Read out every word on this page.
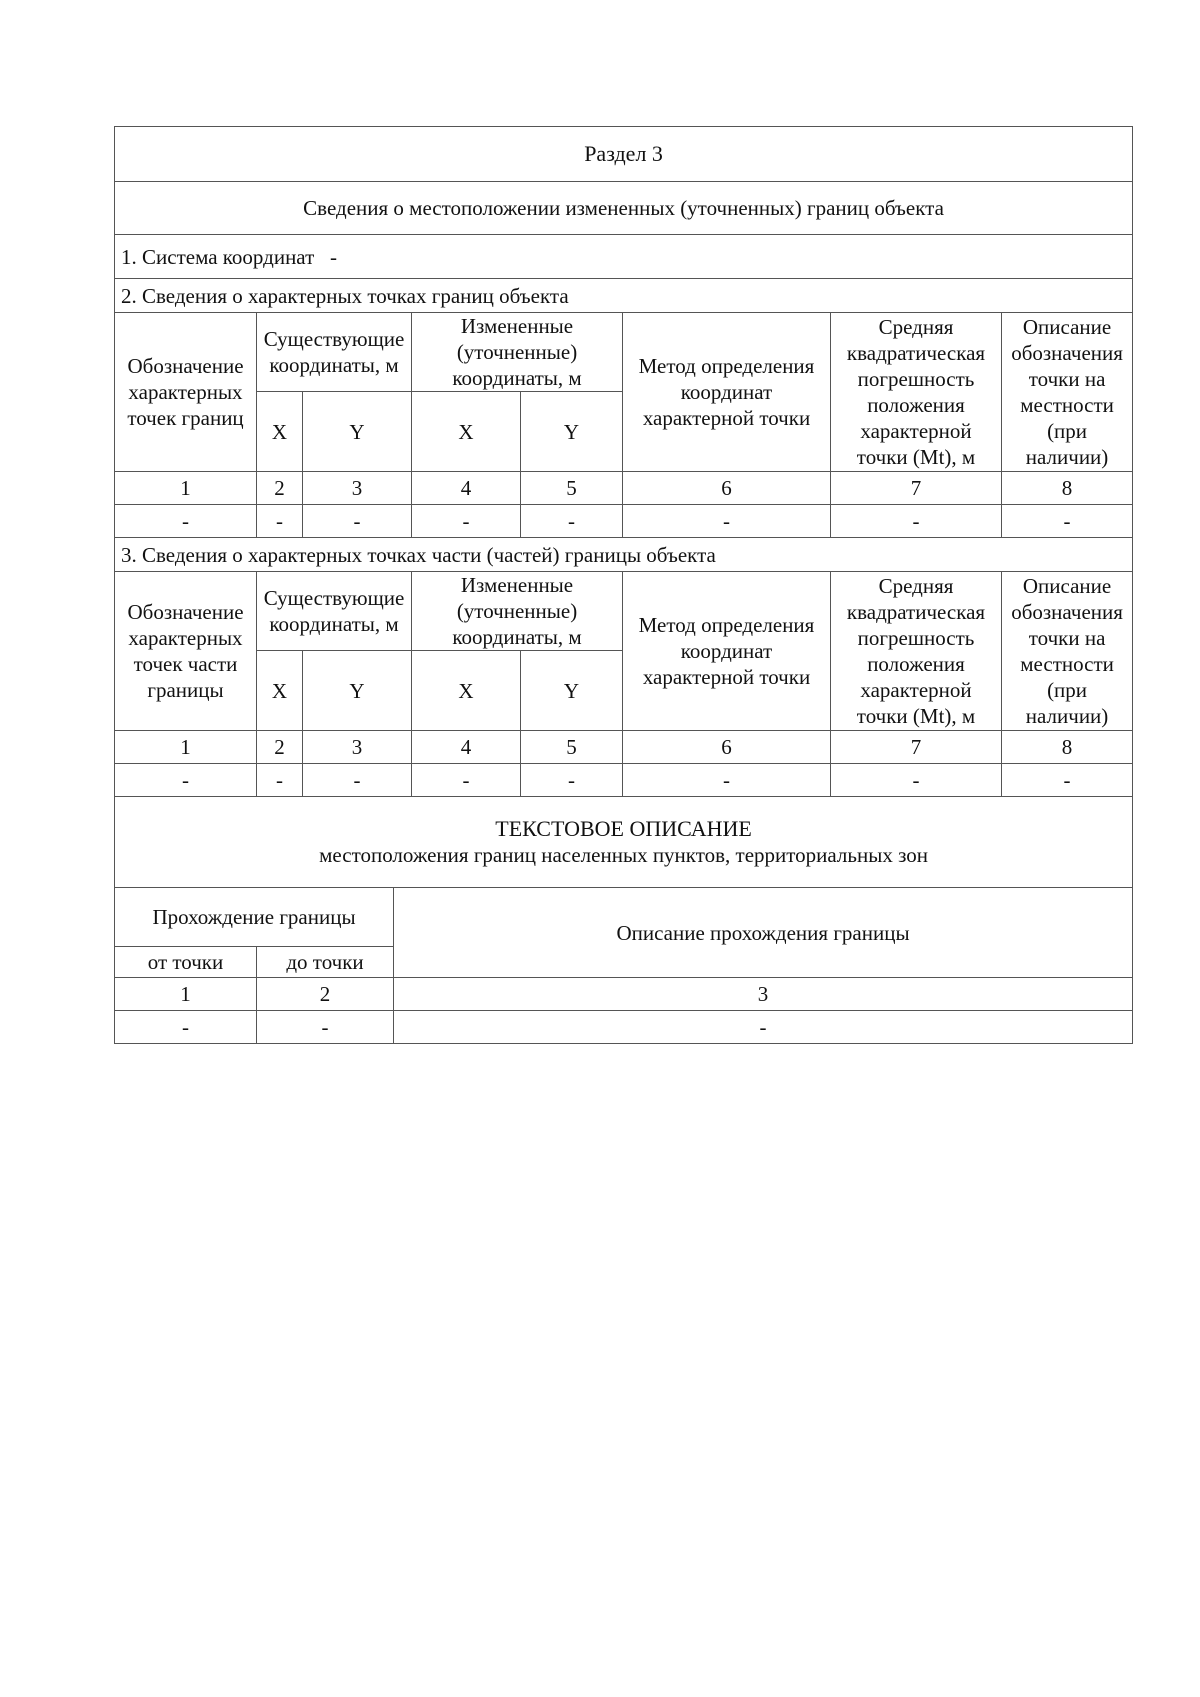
Раздел 3							
Сведения о местоположении измененных (уточненных) границ объекта							
1. Система координат -							
2. Сведения о характерных точках границ объекта							
Обозначение характерных точек границ	Существующие координаты, м		Измененные (уточненные) координаты, м		Метод определения координат характерной точки	Средняя квадратическая погрешность положения характерной точки (Mt), м	Описание обозначения точки на местности (при наличии)
	X	Y	X	Y			
1	2	3	4	5	6	7	8
-	-	-	-	-	-	-	-
3. Сведения о характерных точках части (частей) границы объекта							
Обозначение характерных точек части границы	Существующие координаты, м		Измененные (уточненные) координаты, м		Метод определения координат характерной точки	Средняя квадратическая погрешность положения характерной точки (Mt), м	Описание обозначения точки на местности (при наличии)
	X	Y	X	Y			
1	2	3	4	5	6	7	8
-	-	-	-	-	-	-	-

ТЕКСТОВОЕ ОПИСАНИЕ
местоположения границ населенных пунктов, территориальных зон							
Прохождение границы		Описание прохождения границы
от точки	до точки	
1	2	3
-	-	-
